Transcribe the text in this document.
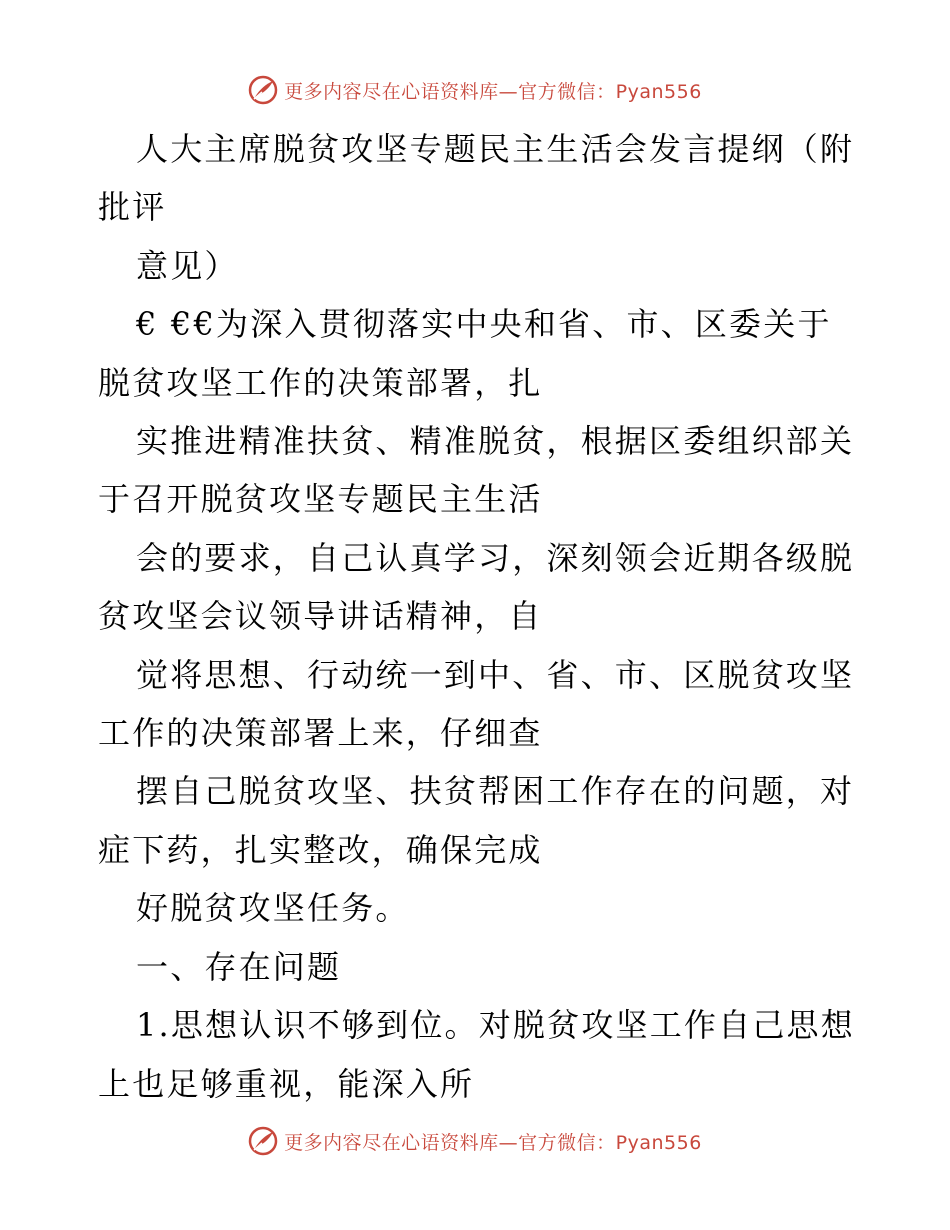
更多内容尽在心语资料库—官方微信：Pyan556

人大主席脱贫攻坚专题民主生活会发言提纲（附批评

意见）

€ €€为深入贯彻落实中央和省、市、区委关于脱贫攻坚工作的决策部署，扎

实推进精准扶贫、精准脱贫，根据区委组织部关于召开脱贫攻坚专题民主生活

会的要求，自己认真学习，深刻领会近期各级脱贫攻坚会议领导讲话精神，自

觉将思想、行动统一到中、省、市、区脱贫攻坚工作的决策部署上来，仔细查

摆自己脱贫攻坚、扶贫帮困工作存在的问题，对症下药，扎实整改，确保完成

好脱贫攻坚任务。

一、存在问题

1.思想认识不够到位。对脱贫攻坚工作自己思想上也足够重视，能深入所

更多内容尽在心语资料库—官方微信：Pyan556
